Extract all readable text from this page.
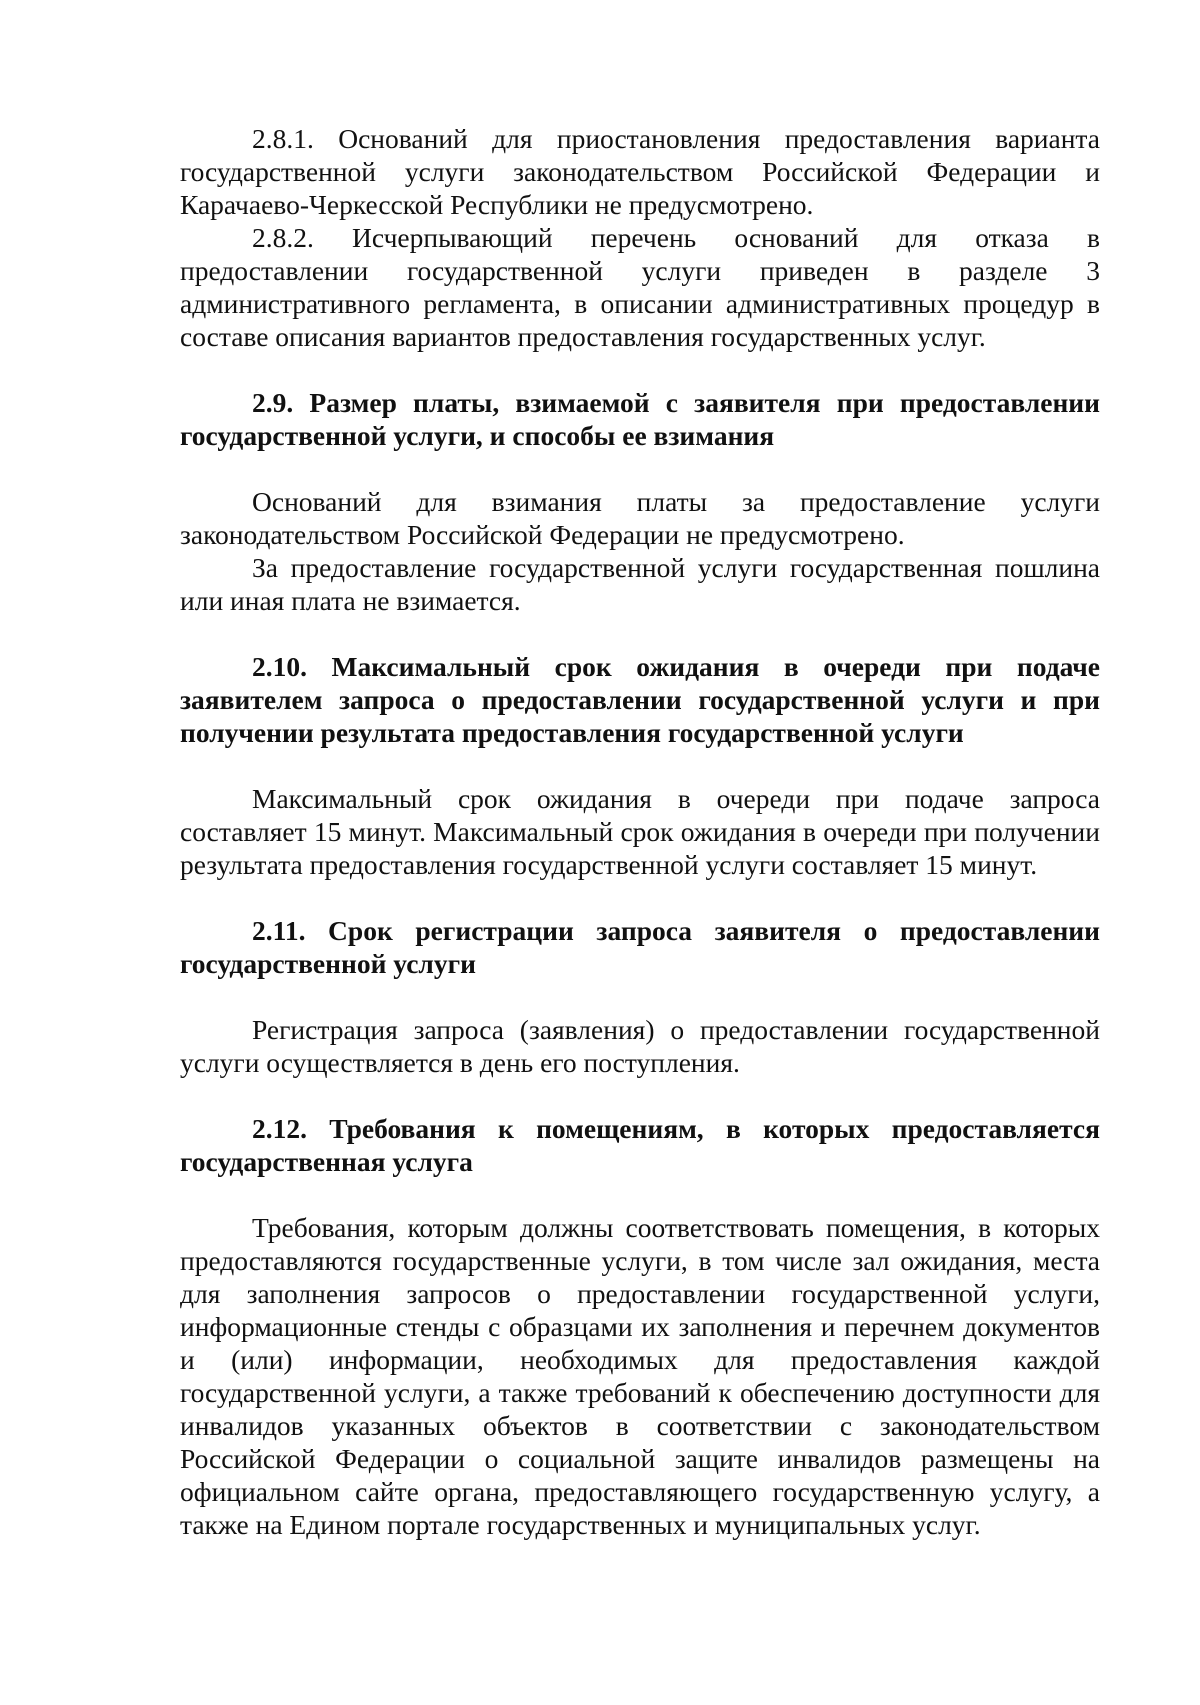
2.8.1. Оснований для приостановления предоставления варианта государственной услуги законодательством Российской Федерации и Карачаево-Черкесской Республики не предусмотрено.

2.8.2. Исчерпывающий перечень оснований для отказа в предоставлении государственной услуги приведен в разделе 3 административного регламента, в описании административных процедур в составе описания вариантов предоставления государственных услуг.

2.9. Размер платы, взимаемой с заявителя при предоставлении государственной услуги, и способы ее взимания

Оснований для взимания платы за предоставление услуги законодательством Российской Федерации не предусмотрено.

За предоставление государственной услуги государственная пошлина или иная плата не взимается.

2.10. Максимальный срок ожидания в очереди при подаче заявителем запроса о предоставлении государственной услуги и при получении результата предоставления государственной услуги

Максимальный срок ожидания в очереди при подаче запроса составляет 15 минут. Максимальный срок ожидания в очереди при получении результата предоставления государственной услуги составляет 15 минут.

2.11. Срок регистрации запроса заявителя о предоставлении государственной услуги

Регистрация запроса (заявления) о предоставлении государственной услуги осуществляется в день его поступления.

2.12. Требования к помещениям, в которых предоставляется государственная услуга

Требования, которым должны соответствовать помещения, в которых предоставляются государственные услуги, в том числе зал ожидания, места для заполнения запросов о предоставлении государственной услуги, информационные стенды с образцами их заполнения и перечнем документов и (или) информации, необходимых для предоставления каждой государственной услуги, а также требований к обеспечению доступности для инвалидов указанных объектов в соответствии с законодательством Российской Федерации о социальной защите инвалидов размещены на официальном сайте органа, предоставляющего государственную услугу, а также на Едином портале государственных и муниципальных услуг.
